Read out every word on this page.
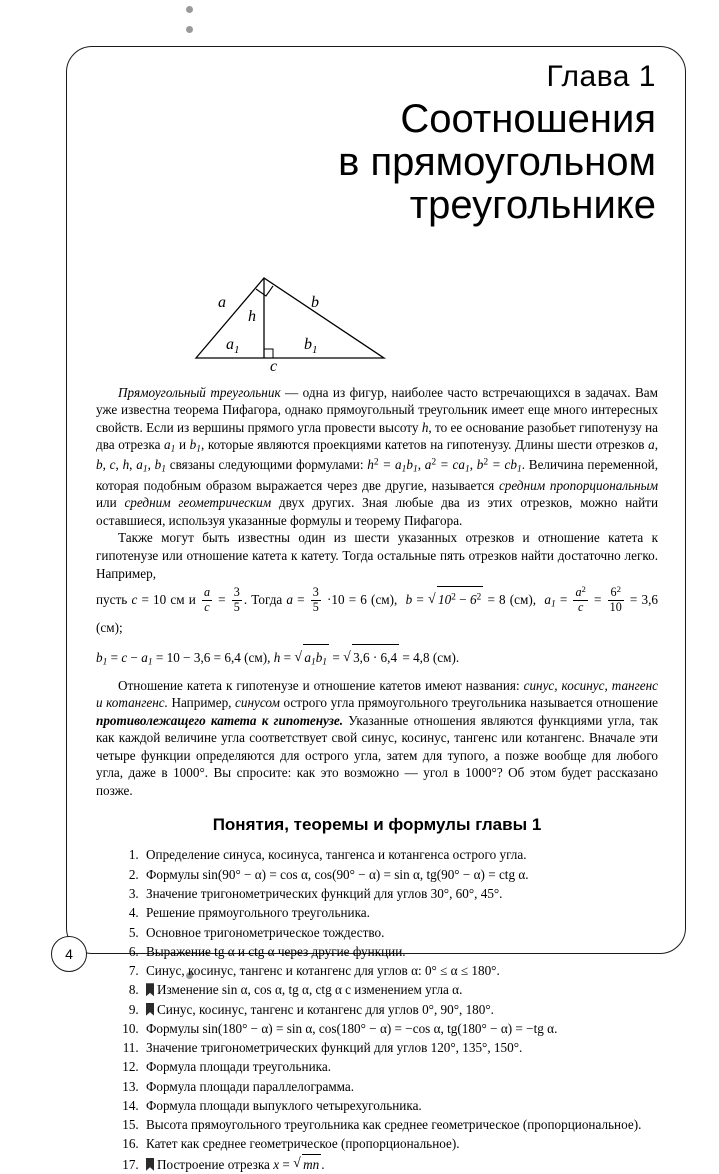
Глава 1
Соотношения
в прямоугольном
треугольнике
a	b
h
$a_1$	$b_1$
c

Прямоугольный треугольник — одна из фигур, наиболее часто встречающихся в задачах. Вам уже известна теорема Пифагора, однако прямоугольный треугольник имеет еще много интересных свойств. Если из вершины прямого угла провести высоту h, то ее основание разобьет гипотенузу на два отрезка $a_1$ и $b_1$, которые являются проекциями катетов на гипотенузу. Длины шести отрезков a, b, c, h, $a_1$, $b_1$ связаны следующими формулами: $h^2 = a_1b_1$, $a^2 = ca_1$, $b^2 = cb_1$. Величина переменной, которая подобным образом выражается через две другие, называется средним пропорциональным или средним геометрическим двух других. Зная любые два из этих отрезков, можно найти оставшиеся, используя указанные формулы и теорему Пифагора.

Также могут быть известны один из шести указанных отрезков и отношение катета к гипотенузе или отношение катета к катету. Тогда остальные пять отрезков найти достаточно легко. Например,

пусть c = 10 см и $\frac{a}{c} = \frac{3}{5}$ . Тогда $a = \frac{3}{5} \cdot 10 = 6$ (см),  b = √ $10^2 - 6^2 = 8$ (см),  $a_1 = \frac{a^2}{c} = \frac{6^2}{10} = 3,6$ (см);
$b_1 = c - a_1 = 10 - 3,6 = 6,4$ (см), h = √ $a_1b_1$ = √ 3,6 · 6,4 = 4,8 (см).

Отношение катета к гипотенузе и отношение катетов имеют названия: синус, косинус, тангенс и котангенс. Например, синусом острого угла прямоугольного треугольника называется отношение противолежащего катета к гипотенузе. Указанные отношения являются функциями угла, так как каждой величине угла соответствует свой синус, косинус, тангенс или котангенс. Вначале эти четыре функции определяются для острого угла, затем для тупого, а позже вообще для любого угла, даже в 1000°. Вы спросите: как это возможно — угол в 1000°? Об этом будет рассказано позже.

Понятия, теоремы и формулы главы 1
1. Определение синуса, косинуса, тангенса и котангенса острого угла.
2. Формулы sin(90° − α) = cos α, cos(90° − α) = sin α, tg(90° − α) = ctg α.
3. Значение тригонометрических функций для углов 30°, 60°, 45°.
4. Решение прямоугольного треугольника.
5. Основное тригонометрическое тождество.
6. Выражение tg α и ctg α через другие функции.
7. Синус, косинус, тангенс и котангенс для углов α: 0° ≤ α ≤ 180°.
8. Изменение sin α, cos α, tg α, ctg α с изменением угла α.
9. Синус, косинус, тангенс и котангенс для углов 0°, 90°, 180°.
10. Формулы sin(180° − α) = sin α, cos(180° − α) = −cos α, tg(180° − α) = −tg α.
11. Значение тригонометрических функций для углов 120°, 135°, 150°.
12. Формула площади треугольника.
13. Формула площади параллелограмма.
14. Формула площади выпуклого четырехугольника.
15. Высота прямоугольного треугольника как среднее геометрическое (пропорциональное).
16. Катет как среднее геометрическое (пропорциональное).
17. Построение отрезка x = √ mn .
4
